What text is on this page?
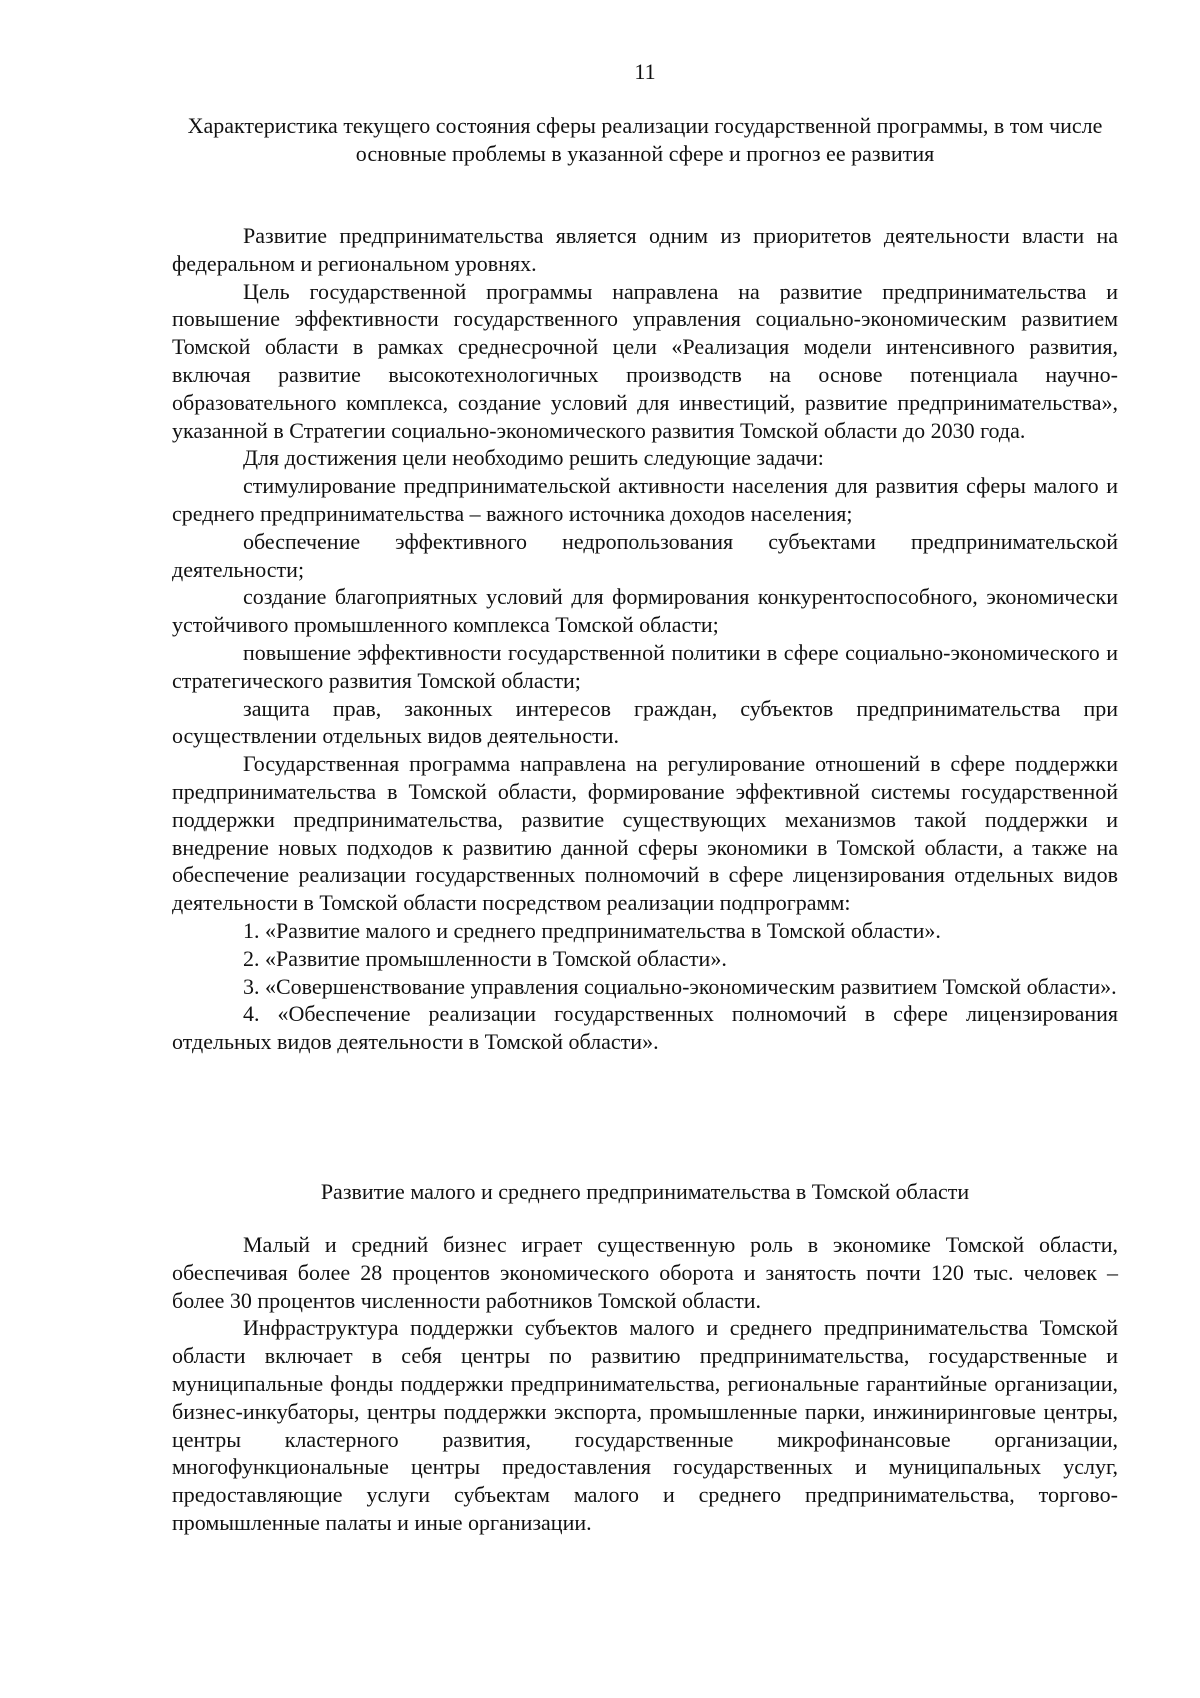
11
Характеристика текущего состояния сферы реализации государственной программы, в том числе основные проблемы в указанной сфере и прогноз ее развития

Развитие предпринимательства является одним из приоритетов деятельности власти на федеральном и региональном уровнях.

Цель государственной программы направлена на развитие предпринимательства и повышение эффективности государственного управления социально-экономическим развитием Томской области в рамках среднесрочной цели «Реализация модели интенсивного развития, включая развитие высокотехнологичных производств на основе потенциала научно-образовательного комплекса, создание условий для инвестиций, развитие предпринимательства», указанной в Стратегии социально-экономического развития Томской области до 2030 года.

Для достижения цели необходимо решить следующие задачи:

стимулирование предпринимательской активности населения для развития сферы малого и среднего предпринимательства – важного источника доходов населения;

обеспечение эффективного недропользования субъектами предпринимательской деятельности;

создание благоприятных условий для формирования конкурентоспособного, экономически устойчивого промышленного комплекса Томской области;

повышение эффективности государственной политики в сфере социально-экономического и стратегического развития Томской области;

защита прав, законных интересов граждан, субъектов предпринимательства при осуществлении отдельных видов деятельности.

Государственная программа направлена на регулирование отношений в сфере поддержки предпринимательства в Томской области, формирование эффективной системы государственной поддержки предпринимательства, развитие существующих механизмов такой поддержки и внедрение новых подходов к развитию данной сферы экономики в Томской области, а также на обеспечение реализации государственных полномочий в сфере лицензирования отдельных видов деятельности в Томской области посредством реализации подпрограмм:

1. «Развитие малого и среднего предпринимательства в Томской области».

2. «Развитие промышленности в Томской области».

3. «Совершенствование управления социально-экономическим развитием Томской области».

4. «Обеспечение реализации государственных полномочий в сфере лицензирования отдельных видов деятельности в Томской области».

Развитие малого и среднего предпринимательства в Томской области

Малый и средний бизнес играет существенную роль в экономике Томской области, обеспечивая более 28 процентов экономического оборота и занятость почти 120 тыс. человек – более 30 процентов численности работников Томской области.

Инфраструктура поддержки субъектов малого и среднего предпринимательства Томской области включает в себя центры по развитию предпринимательства, государственные и муниципальные фонды поддержки предпринимательства, региональные гарантийные организации, бизнес-инкубаторы, центры поддержки экспорта, промышленные парки, инжиниринговые центры, центры кластерного развития, государственные микрофинансовые организации, многофункциональные центры предоставления государственных и муниципальных услуг, предоставляющие услуги субъектам малого и среднего предпринимательства, торгово-промышленные палаты и иные организации.
